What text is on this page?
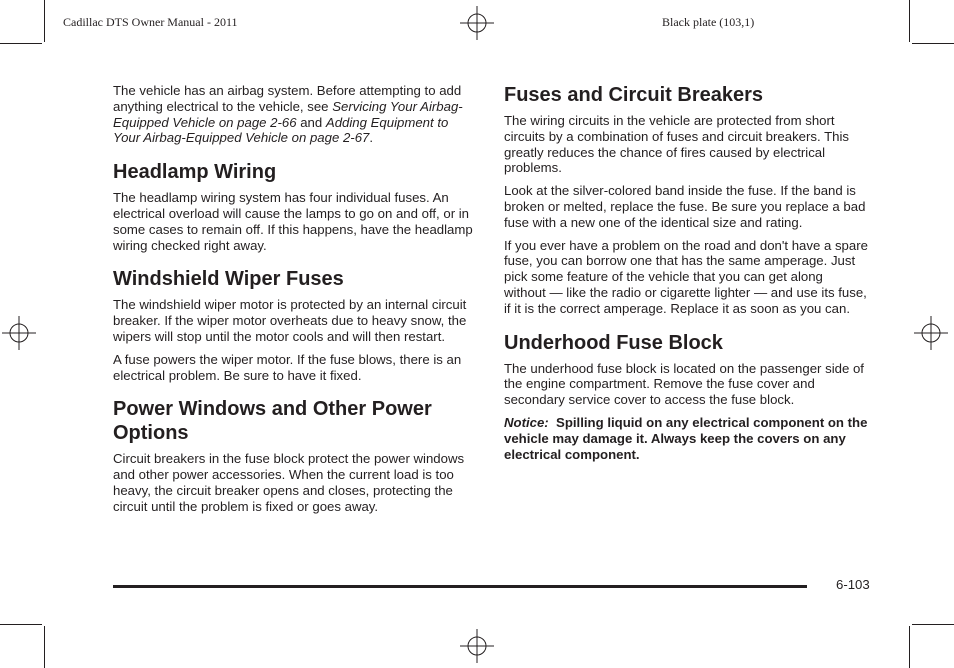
Cadillac DTS Owner Manual - 2011	Black plate (103,1)

The vehicle has an airbag system. Before attempting to add anything electrical to the vehicle, see Servicing Your Airbag-Equipped Vehicle on page 2-66 and Adding Equipment to Your Airbag-Equipped Vehicle on page 2-67.

Headlamp Wiring

The headlamp wiring system has four individual fuses. An electrical overload will cause the lamps to go on and off, or in some cases to remain off. If this happens, have the headlamp wiring checked right away.

Windshield Wiper Fuses

The windshield wiper motor is protected by an internal circuit breaker. If the wiper motor overheats due to heavy snow, the wipers will stop until the motor cools and will then restart.

A fuse powers the wiper motor. If the fuse blows, there is an electrical problem. Be sure to have it fixed.

Power Windows and Other Power Options

Circuit breakers in the fuse block protect the power windows and other power accessories. When the current load is too heavy, the circuit breaker opens and closes, protecting the circuit until the problem is fixed or goes away.

Fuses and Circuit Breakers

The wiring circuits in the vehicle are protected from short circuits by a combination of fuses and circuit breakers. This greatly reduces the chance of fires caused by electrical problems.

Look at the silver-colored band inside the fuse. If the band is broken or melted, replace the fuse. Be sure you replace a bad fuse with a new one of the identical size and rating.

If you ever have a problem on the road and don't have a spare fuse, you can borrow one that has the same amperage. Just pick some feature of the vehicle that you can get along without — like the radio or cigarette lighter — and use its fuse, if it is the correct amperage. Replace it as soon as you can.

Underhood Fuse Block

The underhood fuse block is located on the passenger side of the engine compartment. Remove the fuse cover and secondary service cover to access the fuse block.

Notice: Spilling liquid on any electrical component on the vehicle may damage it. Always keep the covers on any electrical component.

6-103
